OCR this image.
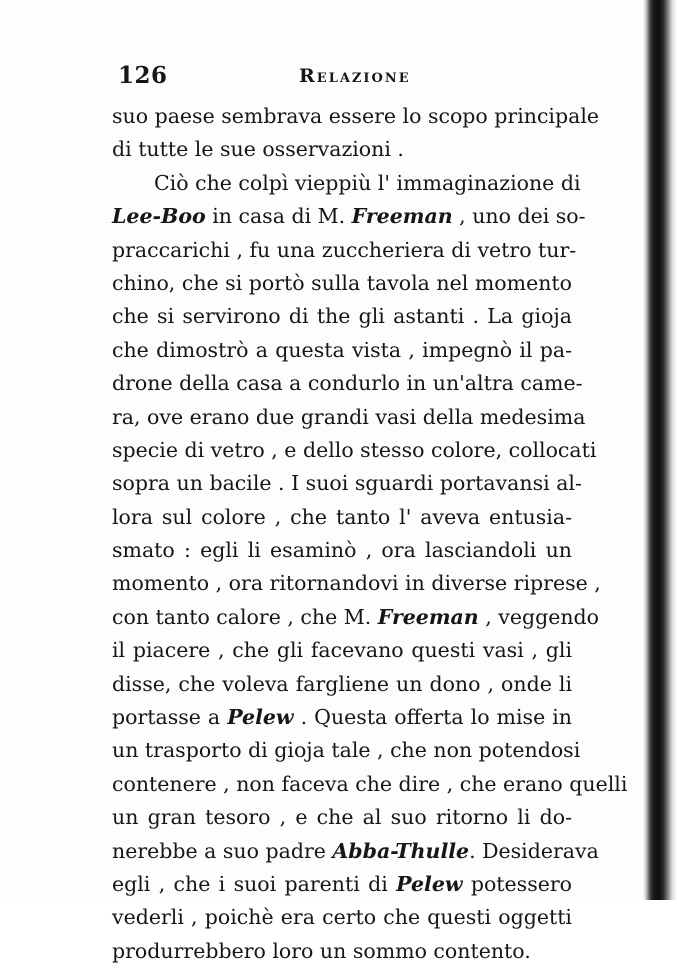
126	Relazione
suo paese sembrava essere lo scopo principale
di tutte le sue osservazioni .
Ciò che colpì vieppiù l' immaginazione di
Lee-Boo in casa di M. Freeman , uno dei so-
praccarichi , fu una zuccheriera di vetro tur-
chino, che si portò sulla tavola nel momento
che si servirono di the gli astanti . La gioja
che dimostrò a questa vista , impegnò il pa-
drone della casa a condurlo in un'altra came-
ra, ove erano due grandi vasi della medesima
specie di vetro , e dello stesso colore, collocati
sopra un bacile . I suoi sguardi portavansi al-
lora sul colore , che tanto l' aveva entusia-
smato : egli li esaminò , ora lasciandoli un
momento , ora ritornandovi in diverse riprese ,
con tanto calore , che M. Freeman , veggendo
il piacere , che gli facevano questi vasi , gli
disse, che voleva fargliene un dono , onde li
portasse a Pelew . Questa offerta lo mise in
un trasporto di gioja tale , che non potendosi
contenere , non faceva che dire , che erano quelli
un gran tesoro , e che al suo ritorno li do-
nerebbe a suo padre Abba-Thulle. Desiderava
egli , che i suoi parenti di Pelew potessero
vederli , poichè era certo che questi oggetti
produrrebbero loro un sommo contento.
